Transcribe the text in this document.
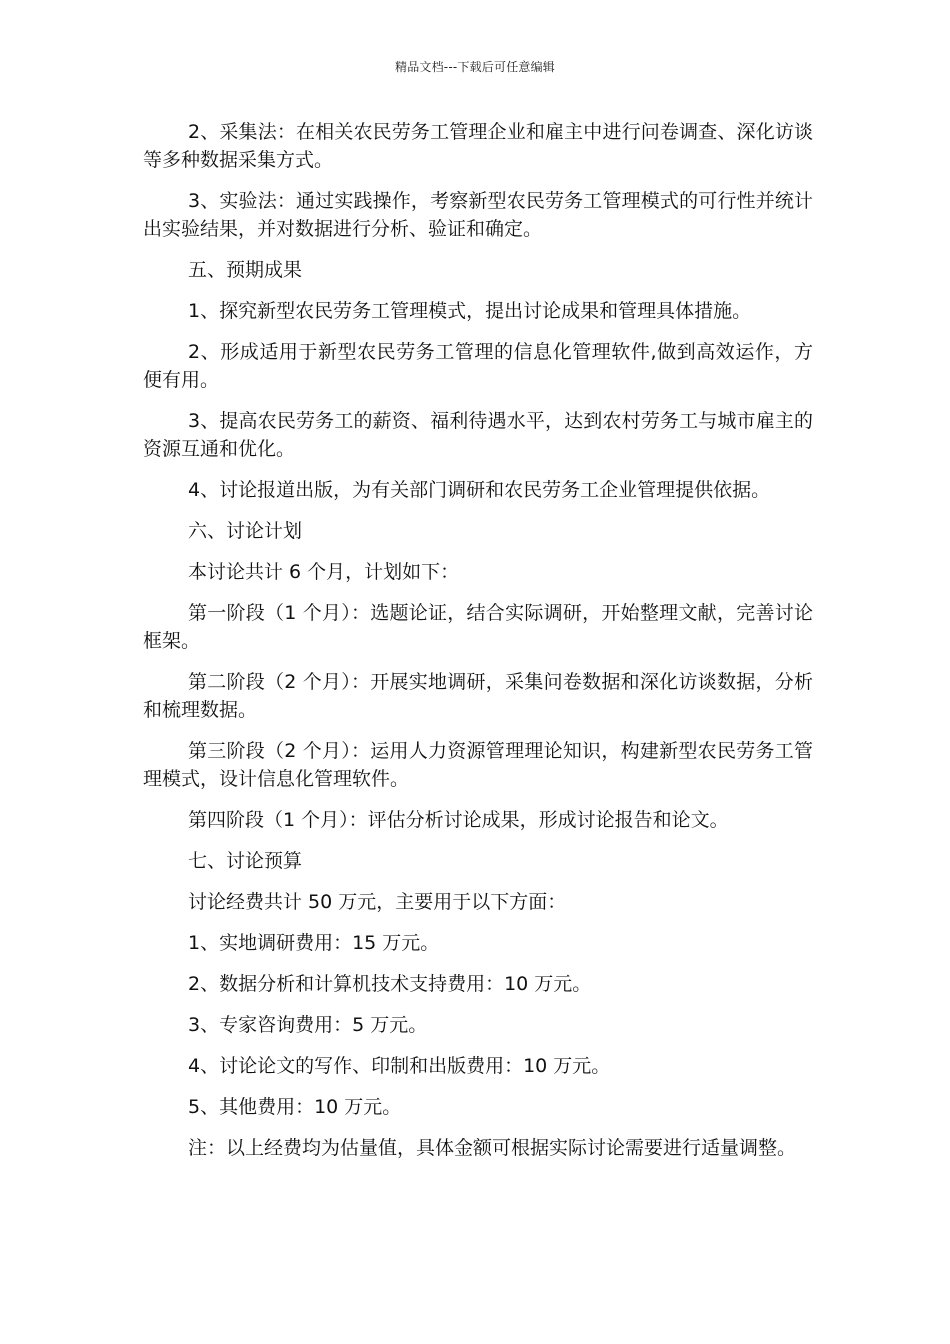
精品文档---下载后可任意编辑

2、采集法：在相关农民劳务工管理企业和雇主中进行问卷调查、深化访谈等多种数据采集方式。

3、实验法：通过实践操作，考察新型农民劳务工管理模式的可行性并统计出实验结果，并对数据进行分析、验证和确定。

五、预期成果

1、探究新型农民劳务工管理模式，提出讨论成果和管理具体措施。

2、形成适用于新型农民劳务工管理的信息化管理软件,做到高效运作，方便有用。

3、提高农民劳务工的薪资、福利待遇水平，达到农村劳务工与城市雇主的资源互通和优化。

4、讨论报道出版，为有关部门调研和农民劳务工企业管理提供依据。

六、讨论计划

本讨论共计 6 个月，计划如下：

第一阶段（1 个月）：选题论证，结合实际调研，开始整理文献，完善讨论框架。

第二阶段（2 个月）：开展实地调研，采集问卷数据和深化访谈数据，分析和梳理数据。

第三阶段（2 个月）：运用人力资源管理理论知识，构建新型农民劳务工管理模式，设计信息化管理软件。

第四阶段（1 个月）：评估分析讨论成果，形成讨论报告和论文。

七、讨论预算

讨论经费共计 50 万元，主要用于以下方面：

1、实地调研费用：15 万元。

2、数据分析和计算机技术支持费用：10 万元。

3、专家咨询费用：5 万元。

4、讨论论文的写作、印制和出版费用：10 万元。

5、其他费用：10 万元。

注：以上经费均为估量值，具体金额可根据实际讨论需要进行适量调整。
